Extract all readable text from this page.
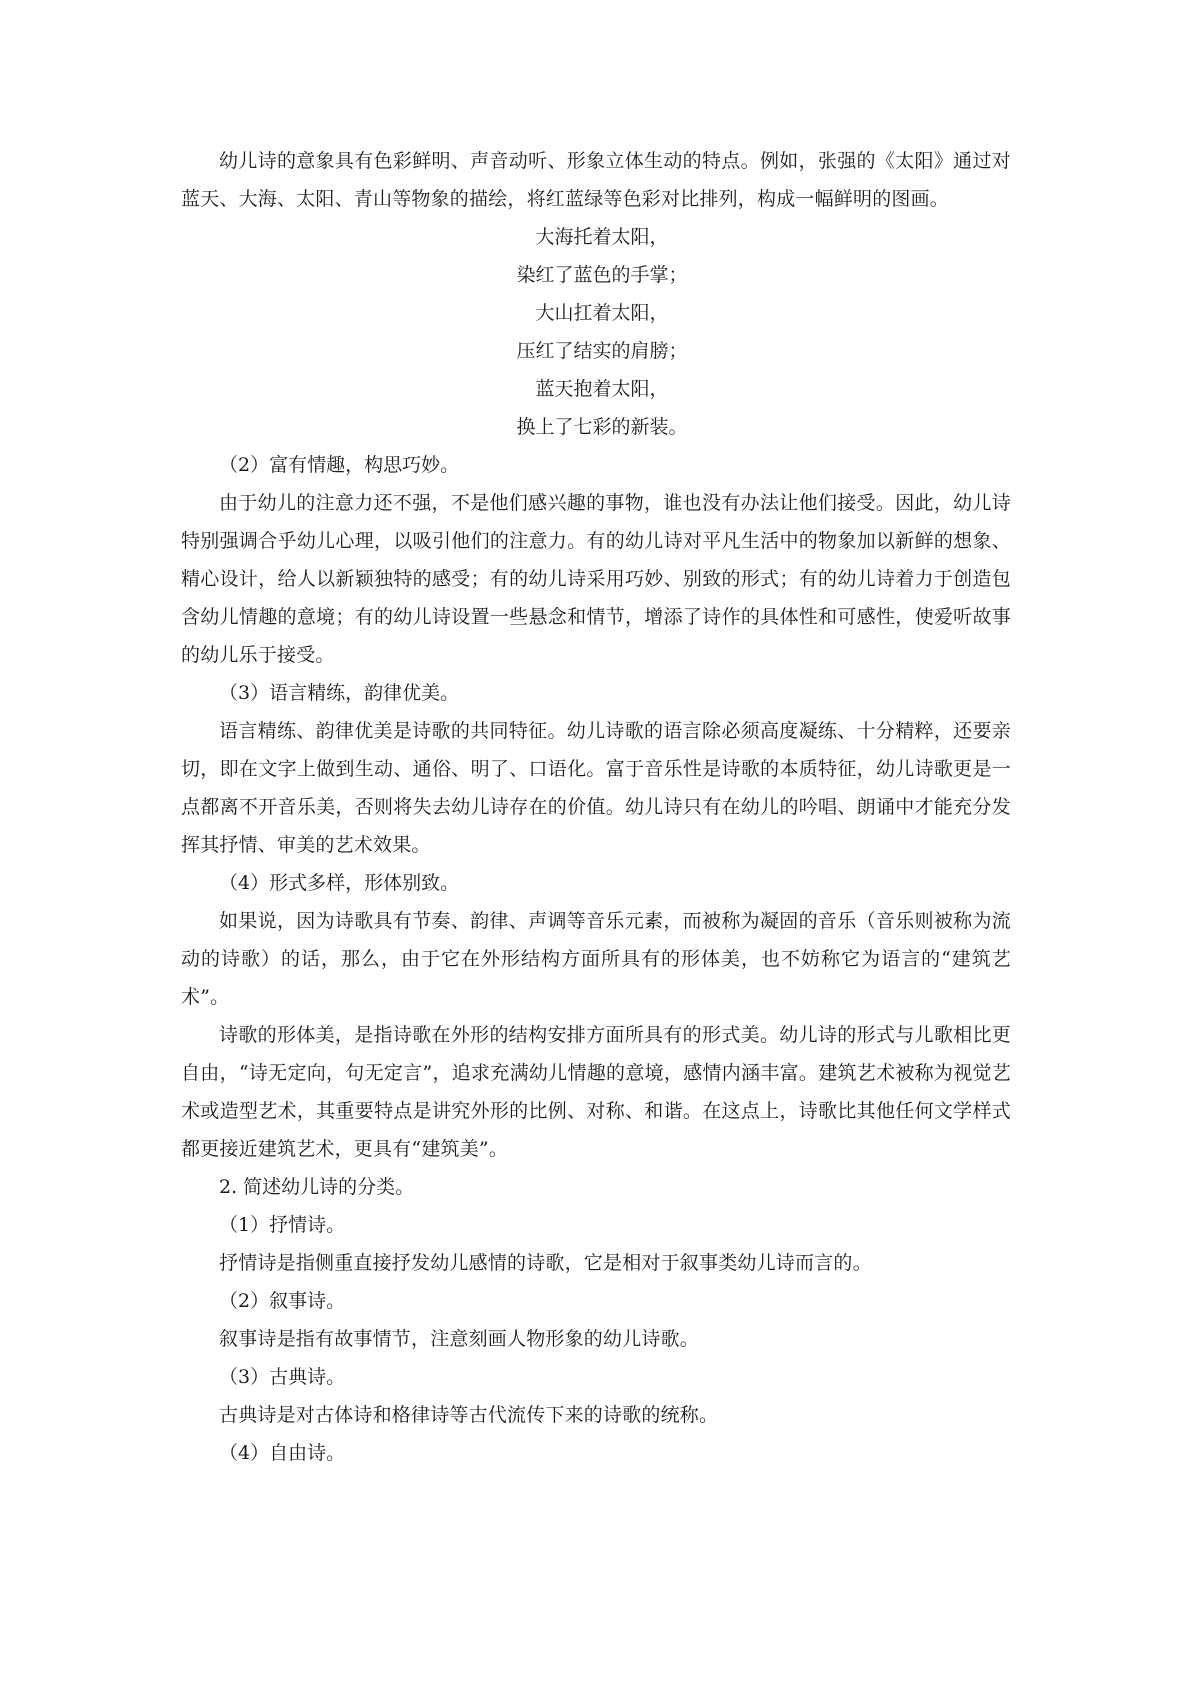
幼儿诗的意象具有色彩鲜明、声音动听、形象立体生动的特点。例如，张强的《太阳》通过对蓝天、大海、太阳、青山等物象的描绘，将红蓝绿等色彩对比排列，构成一幅鲜明的图画。

大海托着太阳，
染红了蓝色的手掌；
大山扛着太阳，
压红了结实的肩膀；
蓝天抱着太阳，
换上了七彩的新装。

（2）富有情趣，构思巧妙。

由于幼儿的注意力还不强，不是他们感兴趣的事物，谁也没有办法让他们接受。因此，幼儿诗特别强调合乎幼儿心理，以吸引他们的注意力。有的幼儿诗对平凡生活中的物象加以新鲜的想象、精心设计，给人以新颖独特的感受；有的幼儿诗采用巧妙、别致的形式；有的幼儿诗着力于创造包含幼儿情趣的意境；有的幼儿诗设置一些悬念和情节，增添了诗作的具体性和可感性，使爱听故事的幼儿乐于接受。

（3）语言精练，韵律优美。

语言精练、韵律优美是诗歌的共同特征。幼儿诗歌的语言除必须高度凝练、十分精粹，还要亲切，即在文字上做到生动、通俗、明了、口语化。富于音乐性是诗歌的本质特征，幼儿诗歌更是一点都离不开音乐美，否则将失去幼儿诗存在的价值。幼儿诗只有在幼儿的吟唱、朗诵中才能充分发挥其抒情、审美的艺术效果。

（4）形式多样，形体别致。

如果说，因为诗歌具有节奏、韵律、声调等音乐元素，而被称为凝固的音乐（音乐则被称为流动的诗歌）的话，那么，由于它在外形结构方面所具有的形体美，也不妨称它为语言的“建筑艺术”。

诗歌的形体美，是指诗歌在外形的结构安排方面所具有的形式美。幼儿诗的形式与儿歌相比更自由，“诗无定向，句无定言”，追求充满幼儿情趣的意境，感情内涵丰富。建筑艺术被称为视觉艺术或造型艺术，其重要特点是讲究外形的比例、对称、和谐。在这点上，诗歌比其他任何文学样式都更接近建筑艺术，更具有“建筑美”。

2. 简述幼儿诗的分类。

（1）抒情诗。

抒情诗是指侧重直接抒发幼儿感情的诗歌，它是相对于叙事类幼儿诗而言的。

（2）叙事诗。

叙事诗是指有故事情节，注意刻画人物形象的幼儿诗歌。

（3）古典诗。

古典诗是对古体诗和格律诗等古代流传下来的诗歌的统称。

（4）自由诗。
